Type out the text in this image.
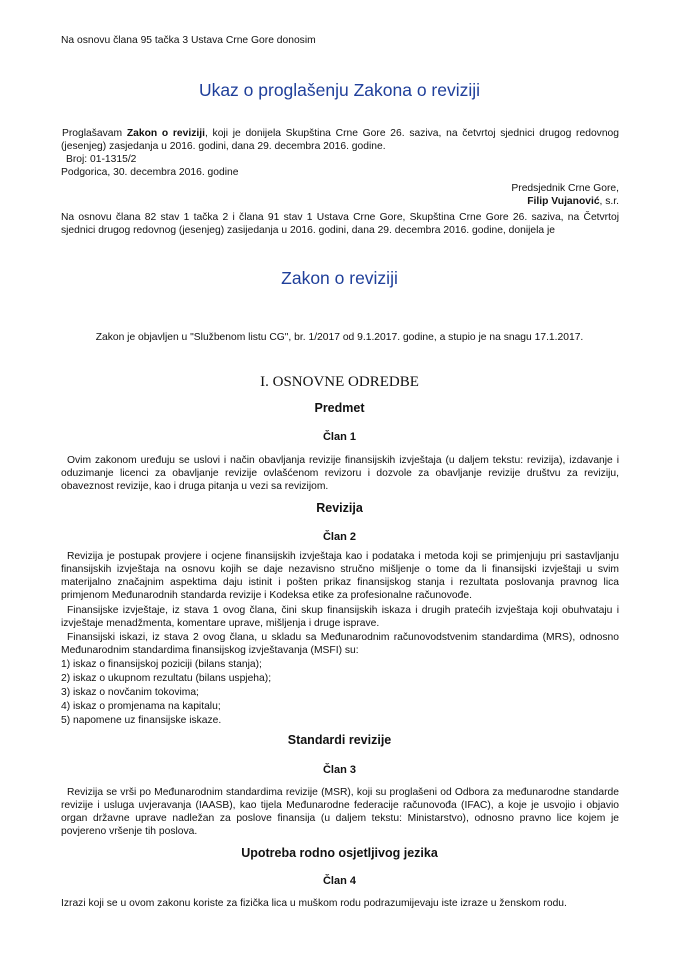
Na osnovu člana 95 tačka 3 Ustava Crne Gore donosim

Ukaz o proglašenju Zakona o reviziji

Proglašavam Zakon o reviziji, koji je donijela Skupština Crne Gore 26. saziva, na četvrtoj sjednici drugog redovnog (jesenjeg) zasjedanja u 2016. godini, dana 29. decembra 2016. godine.

Broj: 01-1315/2

Podgorica, 30. decembra 2016. godine

Predsjednik Crne Gore,

Filip Vujanović, s.r.

Na osnovu člana 82 stav 1 tačka 2 i člana 91 stav 1 Ustava Crne Gore, Skupština Crne Gore 26. saziva, na Četvrtoj sjednici drugog redovnog (jesenjeg) zasijedanja u 2016. godini, dana 29. decembra 2016. godine, donijela je

Zakon o reviziji

Zakon je objavljen u "Službenom listu CG", br. 1/2017 od 9.1.2017. godine, a stupio je na snagu 17.1.2017.

I. OSNOVNE ODREDBE

Predmet

Član 1

Ovim zakonom uređuju se uslovi i način obavljanja revizije finansijskih izvještaja (u daljem tekstu: revizija), izdavanje i oduzimanje licenci za obavljanje revizije ovlašćenom revizoru i dozvole za obavljanje revizije društvu za reviziju, obaveznost revizije, kao i druga pitanja u vezi sa revizijom.

Revizija

Član 2

Revizija je postupak provjere i ocjene finansijskih izvještaja kao i podataka i metoda koji se primjenjuju pri sastavljanju finansijskih izvještaja na osnovu kojih se daje nezavisno stručno mišljenje o tome da li finansijski izvještaji u svim materijalno značajnim aspektima daju istinit i pošten prikaz finansijskog stanja i rezultata poslovanja pravnog lica primjenom Međunarodnih standarda revizije i Kodeksa etike za profesionalne računovođe.

Finansijske izvještaje, iz stava 1 ovog člana, čini skup finansijskih iskaza i drugih pratećih izvještaja koji obuhvataju i izvještaje menadžmenta, komentare uprave, mišljenja i druge isprave.

Finansijski iskazi, iz stava 2 ovog člana, u skladu sa Međunarodnim računovodstvenim standardima (MRS), odnosno Međunarodnim standardima finansijskog izvještavanja (MSFI) su:

1) iskaz o finansijskoj poziciji (bilans stanja);

2) iskaz o ukupnom rezultatu (bilans uspjeha);

3) iskaz o novčanim tokovima;

4) iskaz o promjenama na kapitalu;

5) napomene uz finansijske iskaze.

Standardi revizije

Član 3

Revizija se vrši po Međunarodnim standardima revizije (MSR), koji su proglašeni od Odbora za međunarodne standarde revizije i usluga uvjeravanja (IAASB), kao tijela Međunarodne federacije računovođa (IFAC), a koje je usvojio i objavio organ državne uprave nadležan za poslove finansija (u daljem tekstu: Ministarstvo), odnosno pravno lice kojem je povjereno vršenje tih poslova.

Upotreba rodno osjetljivog jezika

Član 4

Izrazi koji se u ovom zakonu koriste za fizička lica u muškom rodu podrazumijevaju iste izraze u ženskom rodu.
